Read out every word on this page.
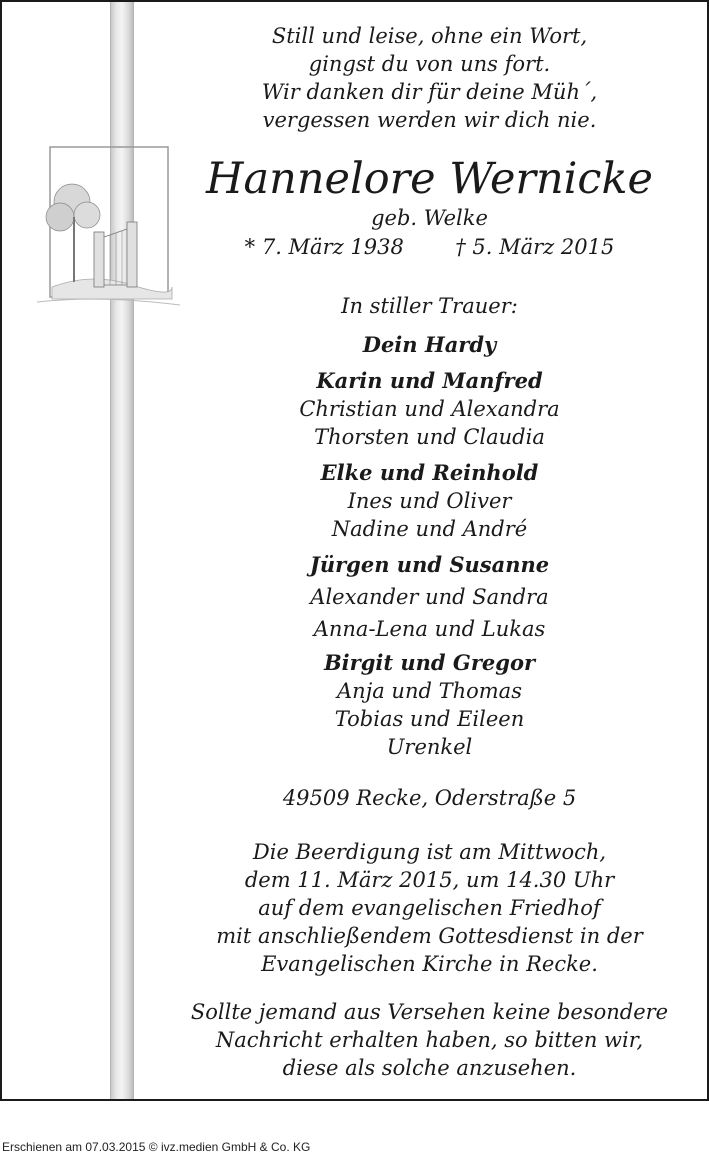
Still und leise, ohne ein Wort,
gingst du von uns fort.
Wir danken dir für deine Müh´,
vergessen werden wir dich nie.
Hannelore Wernicke
geb. Welke
* 7. März 1938 † 5. März 2015
In stiller Trauer:
Dein Hardy
Karin und Manfred
Christian und Alexandra
Thorsten und Claudia
Elke und Reinhold
Ines und Oliver
Nadine und André
Jürgen und Susanne
Alexander und Sandra
Anna-Lena und Lukas
Birgit und Gregor
Anja und Thomas
Tobias und Eileen
Urenkel
49509 Recke, Oderstraße 5
Die Beerdigung ist am Mittwoch,
dem 11. März 2015, um 14.30 Uhr
auf dem evangelischen Friedhof
mit anschließendem Gottesdienst in der
Evangelischen Kirche in Recke.
Sollte jemand aus Versehen keine besondere
Nachricht erhalten haben, so bitten wir,
diese als solche anzusehen.
Erschienen am 07.03.2015 © ivz.medien GmbH & Co. KG
